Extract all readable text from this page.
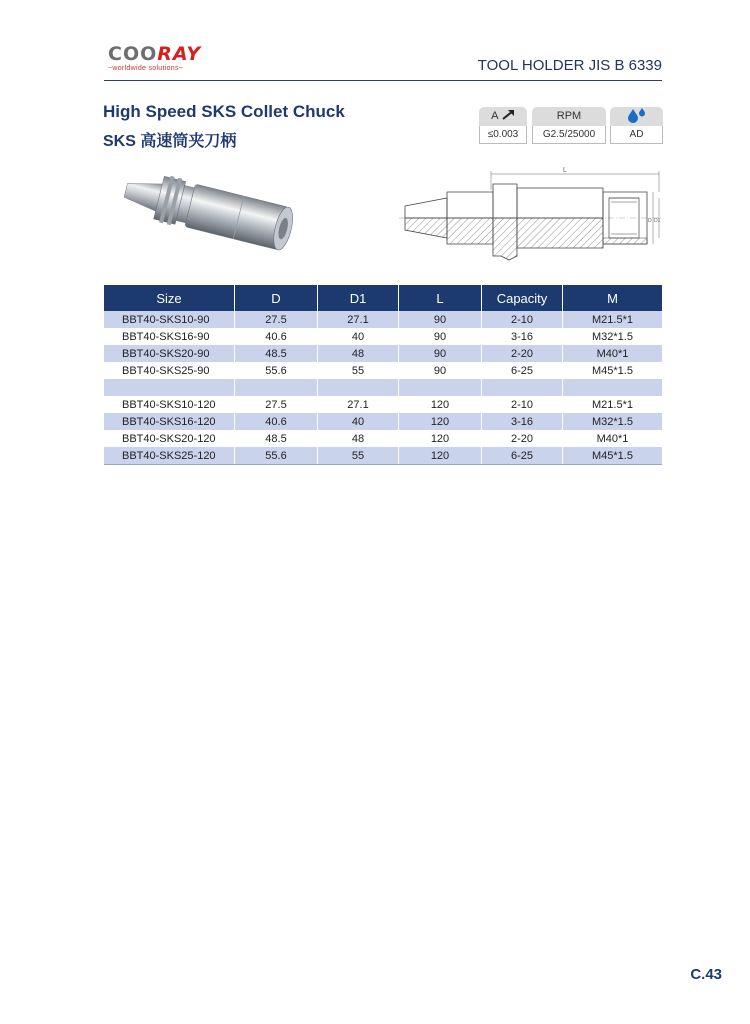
COORAY
~worldwide solutions~	TOOL HOLDER JIS B 6339
High Speed SKS Collet Chuck
SKS 高速筒夹刀柄
A
≤0.003
RPM
G2.5/25000	AD
L
D D1
Size	D	D1	L	Capacity	M
BBT40-SKS10-90	27.5	27.1	90	2-10	M21.5*1
BBT40-SKS16-90	40.6	40	90	3-16	M32*1.5
BBT40-SKS20-90	48.5	48	90	2-20	M40*1
BBT40-SKS25-90	55.6	55	90	6-25	M45*1.5

BBT40-SKS10-120	27.5	27.1	120	2-10	M21.5*1
BBT40-SKS16-120	40.6	40	120	3-16	M32*1.5
BBT40-SKS20-120	48.5	48	120	2-20	M40*1
BBT40-SKS25-120	55.6	55	120	6-25	M45*1.5
C.43
